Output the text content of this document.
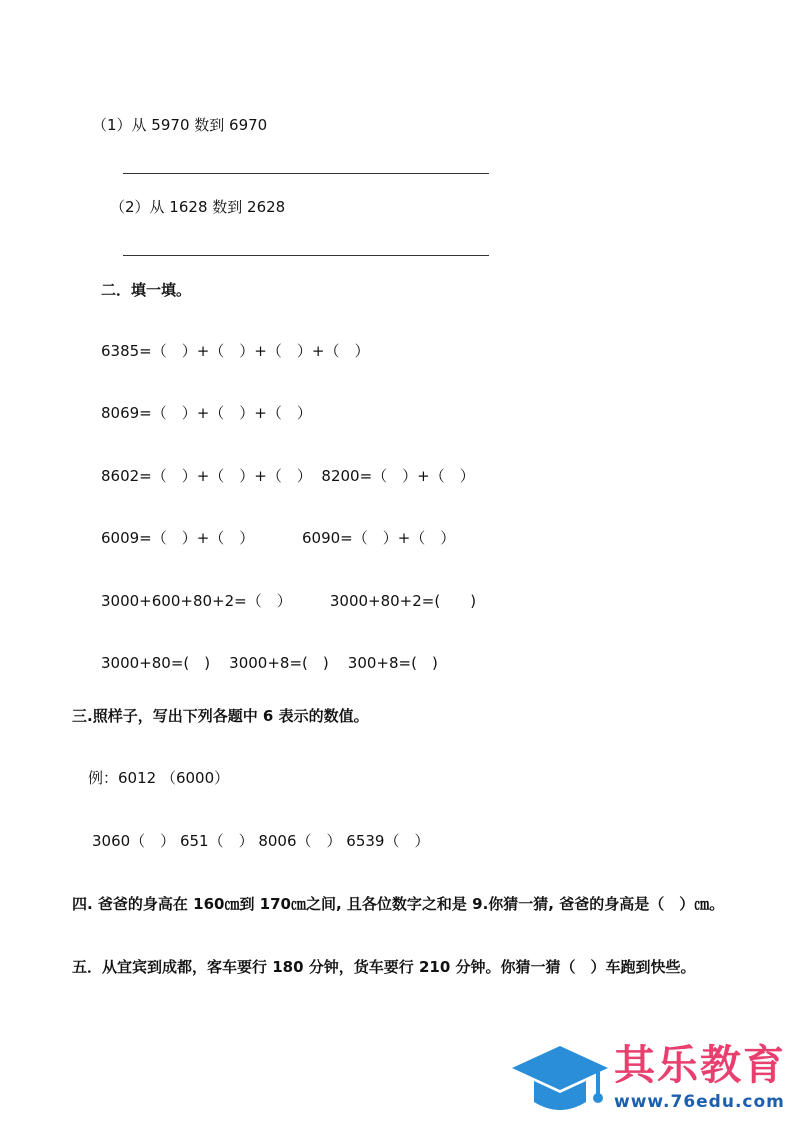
（1）从 5970 数到 6970
（2）从 1628 数到 2628
二．填一填。
6385=（　）+（　）+（　）+（　）
8069=（　）+（　）+（　）
8602=（　）+（　）+（　）  8200=（　）+（　）
6009=（　）+（　）          6090=（　）+（　）
3000+600+80+2=（　）        3000+80+2=(　　)
3000+80=(　)    3000+8=(　)    300+8=(　)
三.照样子，写出下列各题中 6 表示的数值。
例：6012 （6000）
3060（　） 651（　） 8006（　） 6539（　）
四. 爸爸的身高在 160㎝到 170㎝之间, 且各位数字之和是 9.你猜一猜, 爸爸的身高是（　）㎝。
五．从宜宾到成都，客车要行 180 分钟，货车要行 210 分钟。你猜一猜（　）车跑到快些。
其乐教育
www.76edu.com
